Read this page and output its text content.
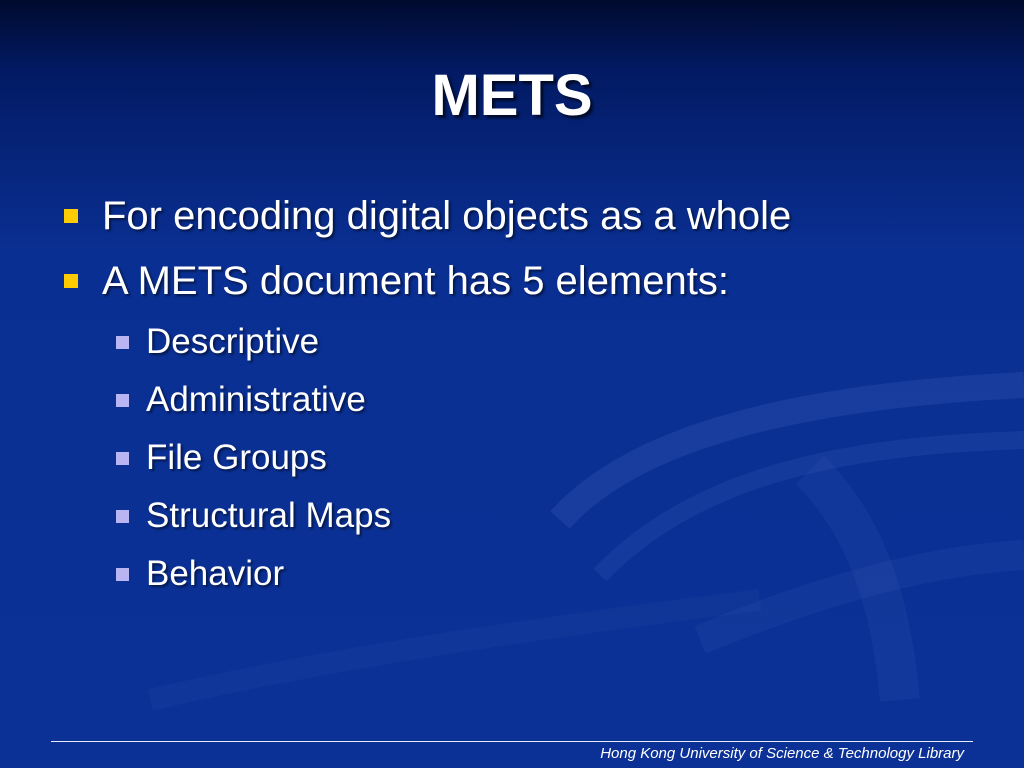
METS
For encoding digital objects as a whole
A METS document has 5 elements:
Descriptive
Administrative
File Groups
Structural Maps
Behavior
Hong Kong University of Science & Technology Library
